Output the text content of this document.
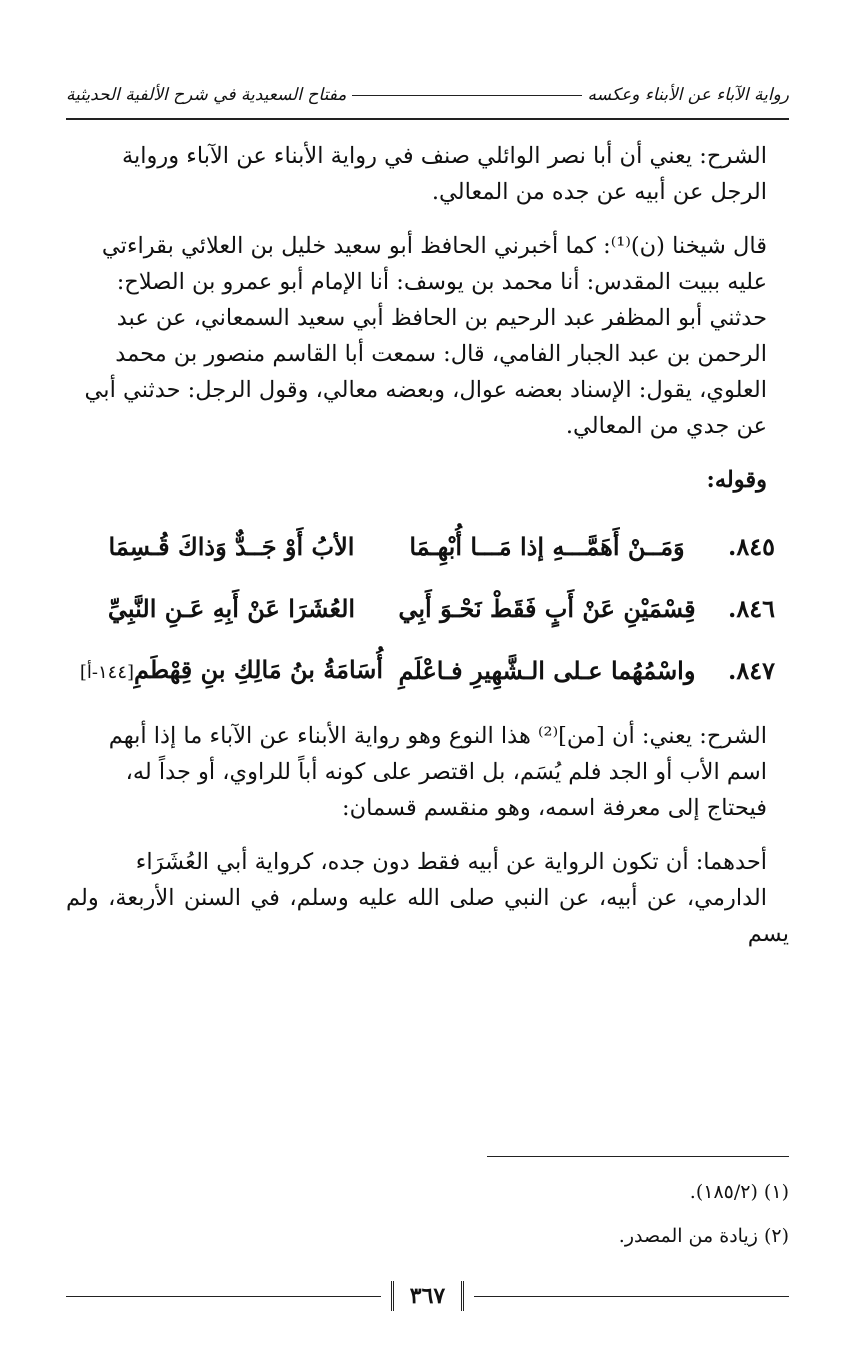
رواية الآباء عن الأبناء وعكسه
مفتاح السعيدية في شرح الألفية الحديثية

الشرح: يعني أن أبا نصر الوائلي صنف في رواية الأبناء عن الآباء ورواية

الرجل عن أبيه عن جده من المعالي.

قال شيخنا (ن)⁽¹⁾: كما أخبرني الحافظ أبو سعيد خليل بن العلائي بقراءتي

عليه ببيت المقدس: أنا محمد بن يوسف: أنا الإمام أبو عمرو بن الصلاح:

حدثني أبو المظفر عبد الرحيم بن الحافظ أبي سعيد السمعاني، عن عبد

الرحمن بن عبد الجبار الفامي، قال: سمعت أبا القاسم منصور بن محمد

العلوي، يقول: الإسناد بعضه عوال، وبعضه معالي، وقول الرجل: حدثني أبي

عن جدي من المعالي.

وقوله:
٨٤٥.
وَمَــنْ أَهَمَّـــهِ إذا مَـــا أُبْهِـمَا
الأبُ أَوْ جَــدٌّ وَذاكَ قُـسِمَا
٨٤٦.
قِسْمَيْنِ عَنْ أَبٍ فَقَطْ نَحْـوَ أَبِي
العُشَرَا عَنْ أَبِهِ عَـنِ النَّبِيِّ
٨٤٧.
واسْمُهُما عـلى الـشَّهِيرِ فـاعْلَمِ
أُسَامَةُ بنُ مَالِكِ بنِ قِهْطَمِ[١٤٤-أ]

الشرح: يعني: أن [من]⁽²⁾ هذا النوع وهو رواية الأبناء عن الآباء ما إذا أبهم

اسم الأب أو الجد فلم يُسَم، بل اقتصر على كونه أباً للراوي، أو جداً له،

فيحتاج إلى معرفة اسمه، وهو منقسم قسمان:

أحدهما: أن تكون الرواية عن أبيه فقط دون جده، كرواية أبي العُشَرَاء

الدارمي، عن أبيه، عن النبي صلى الله عليه وسلم، في السنن الأربعة، ولم يسم

(١) (١٨٥/٢).
(٢) زيادة من المصدر.
٣٦٧
